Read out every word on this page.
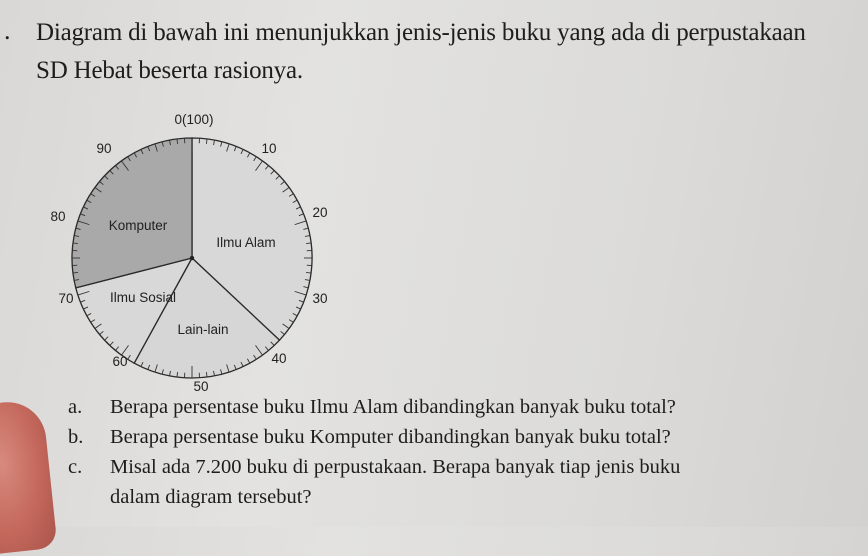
. Diagram di bawah ini menunjukkan jenis-jenis buku yang ada di perpustakaan
SD Hebat beserta rasionya.
0(100)
10
20
30
40
50
60
70
80
90
Ilmu Alam
Lain-lain
Ilmu Sosial
Komputer
a. Berapa persentase buku Ilmu Alam dibandingkan banyak buku total?
b. Berapa persentase buku Komputer dibandingkan banyak buku total?
c. Misal ada 7.200 buku di perpustakaan. Berapa banyak tiap jenis buku
dalam diagram tersebut?
